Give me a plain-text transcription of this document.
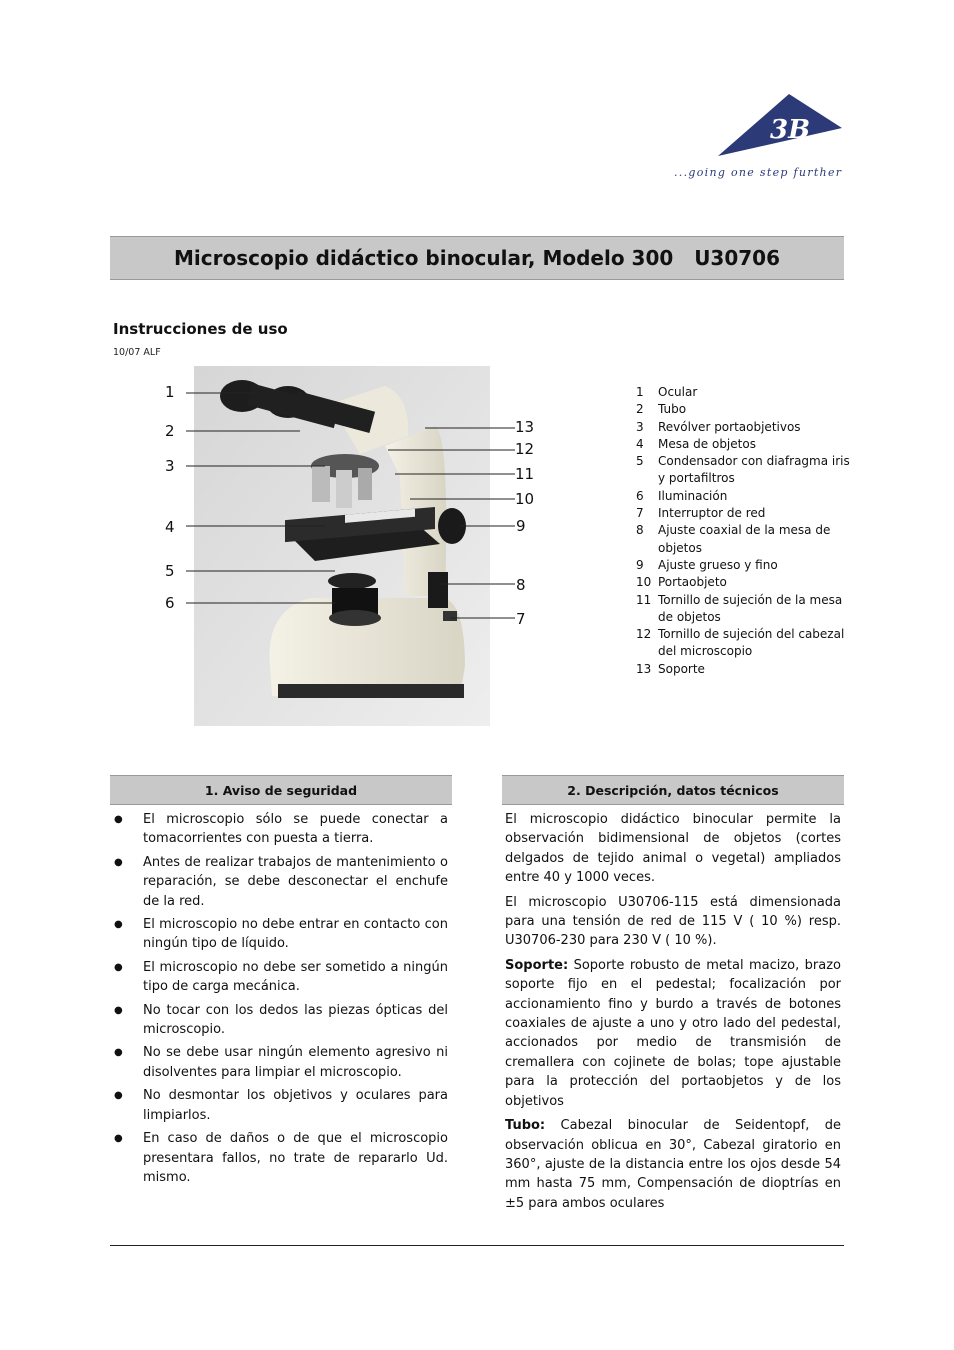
3B ®
...going one step further
Microscopio didáctico binocular, Modelo 300   U30706
Instrucciones de uso
10/07 ALF
1
2
3
4
5
6
13
12
11
10
9
8
7
1	Ocular
2	Tubo
3	Revólver portaobjetivos
4	Mesa de objetos
5	Condensador con diafragma iris y portafiltros
6	Iluminación
7	Interruptor de red
8	Ajuste coaxial de la mesa de objetos
9	Ajuste grueso y fino
10 Portaobjeto
11 Tornillo de sujeción de la mesa de objetos
12 Tornillo de sujeción del cabezal del microscopio
13 Soporte
1. Aviso de seguridad
●	El microscopio sólo se puede conectar a tomacorrientes con puesta a tierra.
●	Antes de realizar trabajos de mantenimiento o reparación, se debe desconectar el enchufe de la red.
●	El microscopio no debe entrar en contacto con ningún tipo de líquido.
●	El microscopio no debe ser sometido a ningún tipo de carga mecánica.
●	No tocar con los dedos las piezas ópticas del microscopio.
●	No se debe usar ningún elemento agresivo ni disolventes para limpiar el microscopio.
●	No desmontar los objetivos y oculares para limpiarlos.
●	En caso de daños o de que el microscopio presentara fallos, no trate de repararlo Ud. mismo.
2. Descripción, datos técnicos

El microscopio didáctico binocular permite la observación bidimensional de objetos (cortes delgados de tejido animal o vegetal) ampliados entre 40 y 1000 veces.

El microscopio U30706-115 está dimensionada para una tensión de red de 115 V ( 10 %) resp. U30706-230 para 230 V ( 10 %).

Soporte: Soporte robusto de metal macizo, brazo soporte fijo en el pedestal; focalización por accionamiento fino y burdo a través de botones coaxiales de ajuste a uno y otro lado del pedestal, accionados por medio de transmisión de cremallera con cojinete de bolas; tope ajustable para la protección del portaobjetos y de los objetivos

Tubo: Cabezal binocular de Seidentopf, de observación oblicua en 30°, Cabezal giratorio en 360°, ajuste de la distancia entre los ojos desde 54 mm hasta 75 mm, Compensación de dioptrías en ±5 para ambos oculares
